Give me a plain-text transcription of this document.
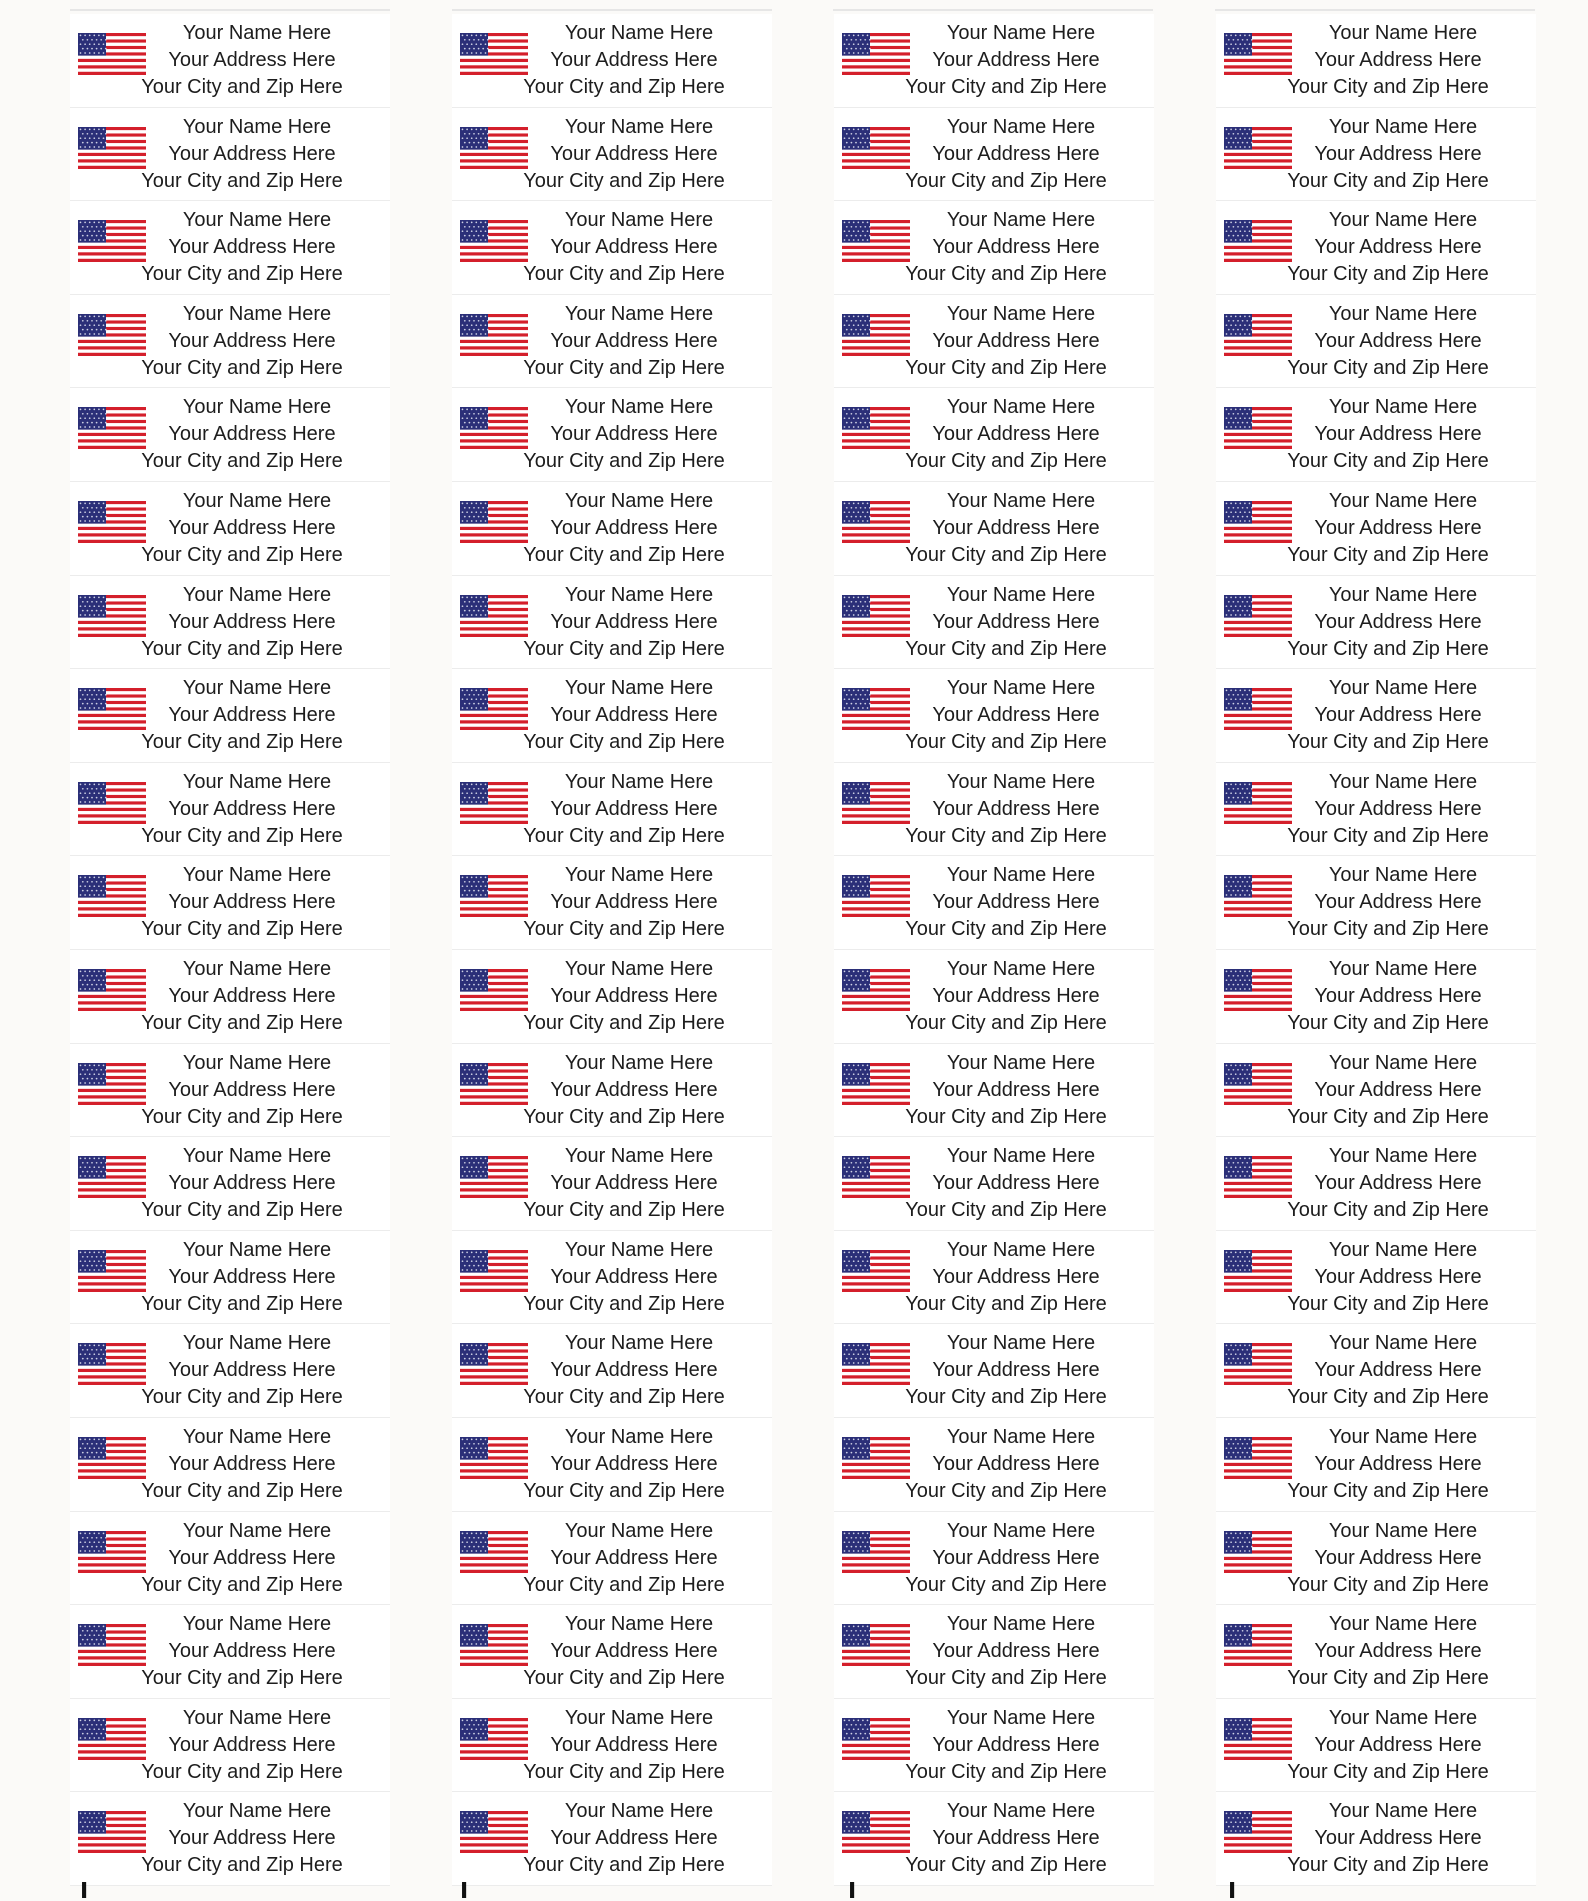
Your Name Here
Your Address Here
Your City and Zip Here
Your Name Here
Your Address Here
Your City and Zip Here
Your Name Here
Your Address Here
Your City and Zip Here
Your Name Here
Your Address Here
Your City and Zip Here
Your Name Here
Your Address Here
Your City and Zip Here
Your Name Here
Your Address Here
Your City and Zip Here
Your Name Here
Your Address Here
Your City and Zip Here
Your Name Here
Your Address Here
Your City and Zip Here
Your Name Here
Your Address Here
Your City and Zip Here
Your Name Here
Your Address Here
Your City and Zip Here
Your Name Here
Your Address Here
Your City and Zip Here
Your Name Here
Your Address Here
Your City and Zip Here
Your Name Here
Your Address Here
Your City and Zip Here
Your Name Here
Your Address Here
Your City and Zip Here
Your Name Here
Your Address Here
Your City and Zip Here
Your Name Here
Your Address Here
Your City and Zip Here
Your Name Here
Your Address Here
Your City and Zip Here
Your Name Here
Your Address Here
Your City and Zip Here
Your Name Here
Your Address Here
Your City and Zip Here
Your Name Here
Your Address Here
Your City and Zip Here
Your Name Here
Your Address Here
Your City and Zip Here
Your Name Here
Your Address Here
Your City and Zip Here
Your Name Here
Your Address Here
Your City and Zip Here
Your Name Here
Your Address Here
Your City and Zip Here
Your Name Here
Your Address Here
Your City and Zip Here
Your Name Here
Your Address Here
Your City and Zip Here
Your Name Here
Your Address Here
Your City and Zip Here
Your Name Here
Your Address Here
Your City and Zip Here
Your Name Here
Your Address Here
Your City and Zip Here
Your Name Here
Your Address Here
Your City and Zip Here
Your Name Here
Your Address Here
Your City and Zip Here
Your Name Here
Your Address Here
Your City and Zip Here
Your Name Here
Your Address Here
Your City and Zip Here
Your Name Here
Your Address Here
Your City and Zip Here
Your Name Here
Your Address Here
Your City and Zip Here
Your Name Here
Your Address Here
Your City and Zip Here
Your Name Here
Your Address Here
Your City and Zip Here
Your Name Here
Your Address Here
Your City and Zip Here
Your Name Here
Your Address Here
Your City and Zip Here
Your Name Here
Your Address Here
Your City and Zip Here
Your Name Here
Your Address Here
Your City and Zip Here
Your Name Here
Your Address Here
Your City and Zip Here
Your Name Here
Your Address Here
Your City and Zip Here
Your Name Here
Your Address Here
Your City and Zip Here
Your Name Here
Your Address Here
Your City and Zip Here
Your Name Here
Your Address Here
Your City and Zip Here
Your Name Here
Your Address Here
Your City and Zip Here
Your Name Here
Your Address Here
Your City and Zip Here
Your Name Here
Your Address Here
Your City and Zip Here
Your Name Here
Your Address Here
Your City and Zip Here
Your Name Here
Your Address Here
Your City and Zip Here
Your Name Here
Your Address Here
Your City and Zip Here
Your Name Here
Your Address Here
Your City and Zip Here
Your Name Here
Your Address Here
Your City and Zip Here
Your Name Here
Your Address Here
Your City and Zip Here
Your Name Here
Your Address Here
Your City and Zip Here
Your Name Here
Your Address Here
Your City and Zip Here
Your Name Here
Your Address Here
Your City and Zip Here
Your Name Here
Your Address Here
Your City and Zip Here
Your Name Here
Your Address Here
Your City and Zip Here
Your Name Here
Your Address Here
Your City and Zip Here
Your Name Here
Your Address Here
Your City and Zip Here
Your Name Here
Your Address Here
Your City and Zip Here
Your Name Here
Your Address Here
Your City and Zip Here
Your Name Here
Your Address Here
Your City and Zip Here
Your Name Here
Your Address Here
Your City and Zip Here
Your Name Here
Your Address Here
Your City and Zip Here
Your Name Here
Your Address Here
Your City and Zip Here
Your Name Here
Your Address Here
Your City and Zip Here
Your Name Here
Your Address Here
Your City and Zip Here
Your Name Here
Your Address Here
Your City and Zip Here
Your Name Here
Your Address Here
Your City and Zip Here
Your Name Here
Your Address Here
Your City and Zip Here
Your Name Here
Your Address Here
Your City and Zip Here
Your Name Here
Your Address Here
Your City and Zip Here
Your Name Here
Your Address Here
Your City and Zip Here
Your Name Here
Your Address Here
Your City and Zip Here
Your Name Here
Your Address Here
Your City and Zip Here
Your Name Here
Your Address Here
Your City and Zip Here
Your Name Here
Your Address Here
Your City and Zip Here
I	I	I	I
